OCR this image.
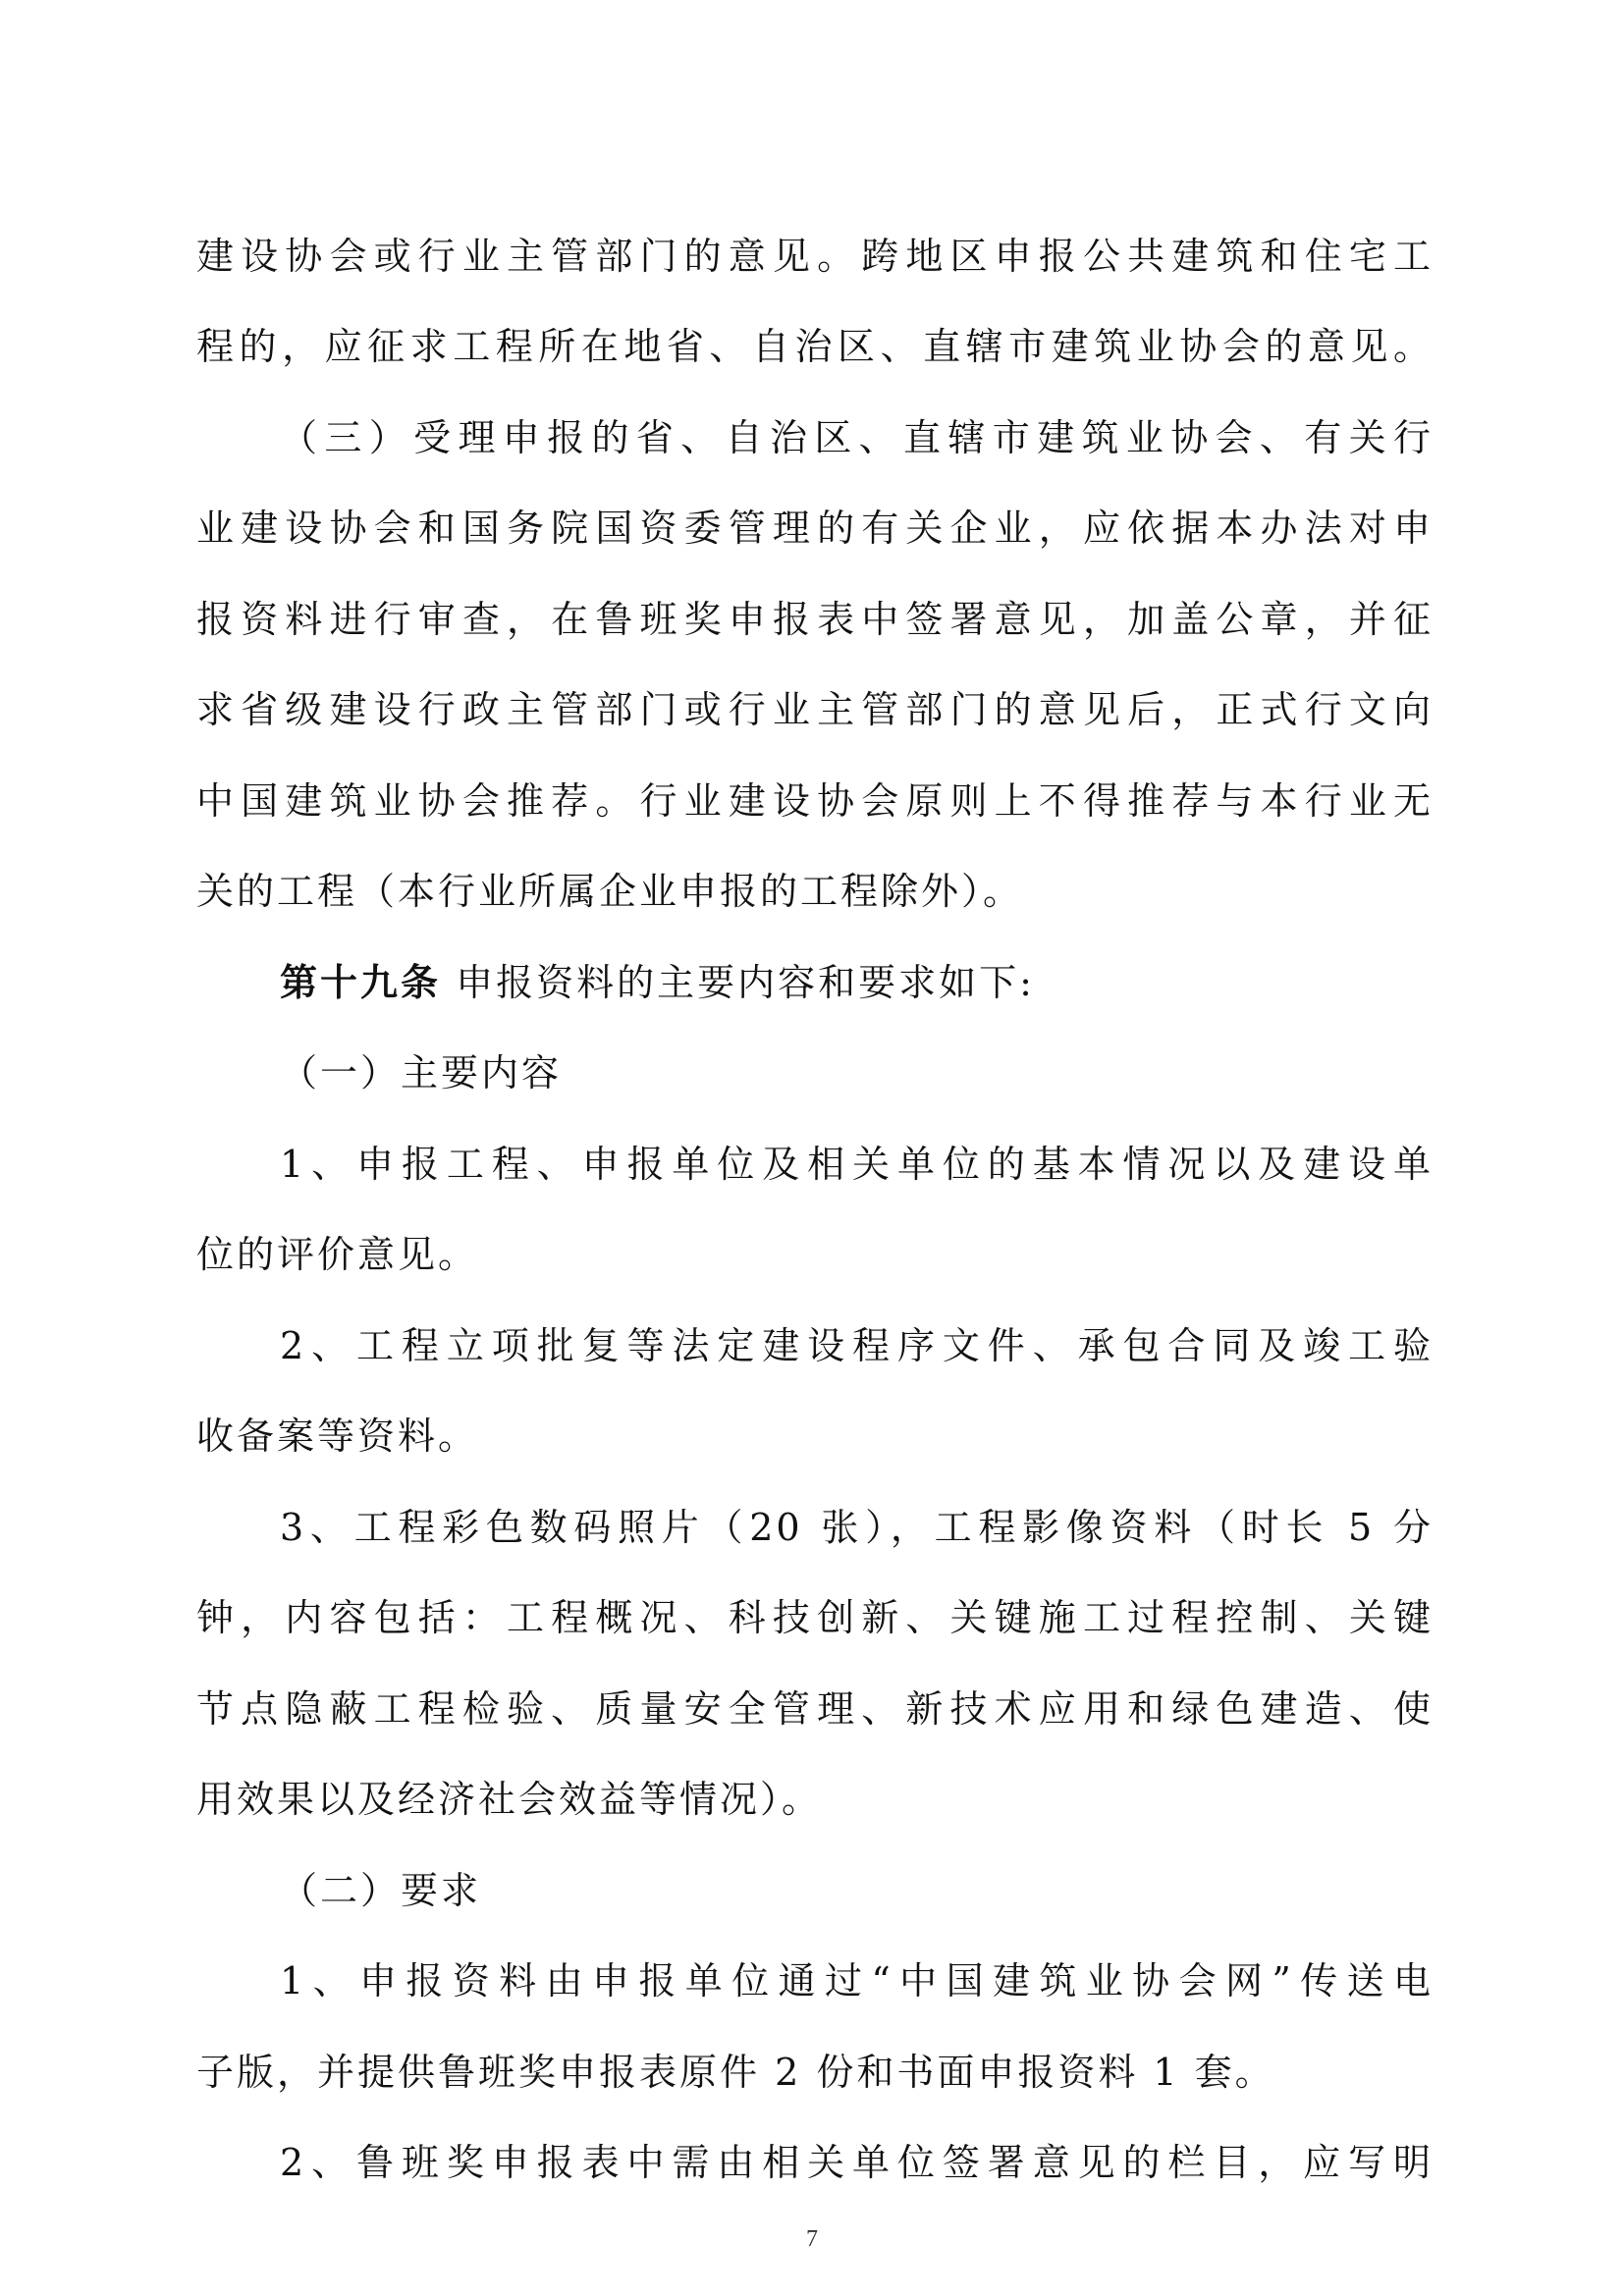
建设协会或行业主管部门的意见。跨地区申报公共建筑和住宅工
程的，应征求工程所在地省、自治区、直辖市建筑业协会的意见。
（三）受理申报的省、自治区、直辖市建筑业协会、有关行
业建设协会和国务院国资委管理的有关企业，应依据本办法对申
报资料进行审查，在鲁班奖申报表中签署意见，加盖公章，并征
求省级建设行政主管部门或行业主管部门的意见后，正式行文向
中国建筑业协会推荐。行业建设协会原则上不得推荐与本行业无
关的工程（本行业所属企业申报的工程除外）。
第十九条 申报资料的主要内容和要求如下:
（一）主要内容
1、申报工程、申报单位及相关单位的基本情况以及建设单
位的评价意见。
2、工程立项批复等法定建设程序文件、承包合同及竣工验
收备案等资料。
3、工程彩色数码照片（20 张），工程影像资料（时长 5 分
钟，内容包括：工程概况、科技创新、关键施工过程控制、关键
节点隐蔽工程检验、质量安全管理、新技术应用和绿色建造、使
用效果以及经济社会效益等情况）。
（二）要求
1、申报资料由申报单位通过“中国建筑业协会网”传送电
子版，并提供鲁班奖申报表原件 2 份和书面申报资料 1 套。
2、鲁班奖申报表中需由相关单位签署意见的栏目，应写明
7
